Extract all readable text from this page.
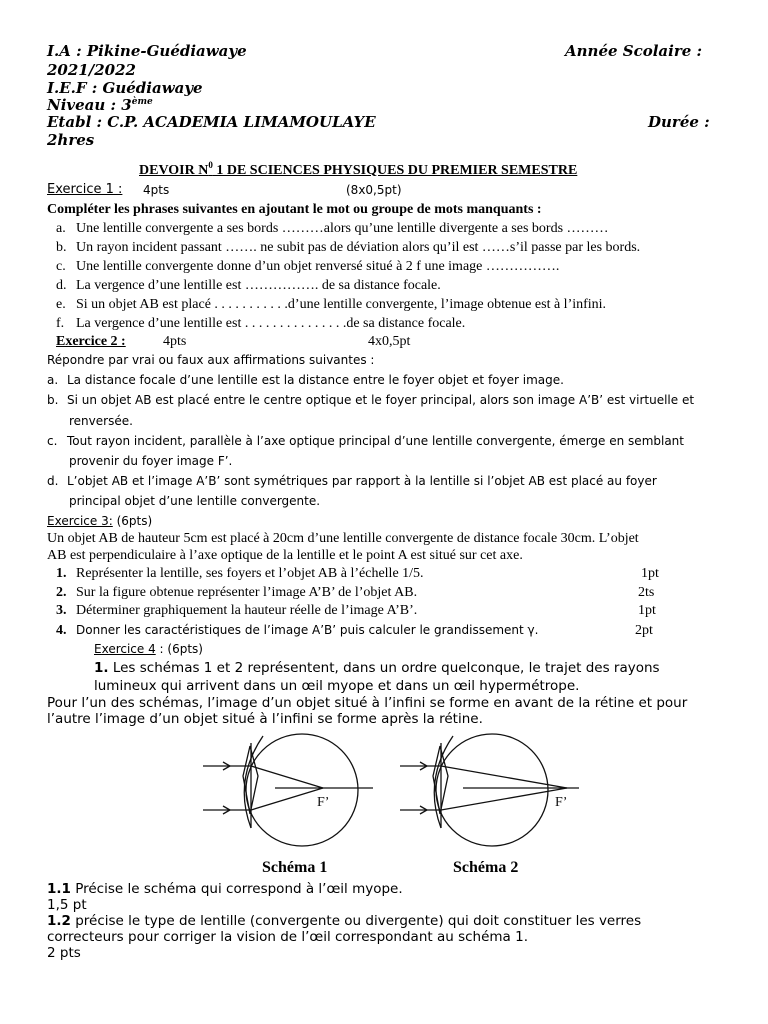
I.A : Pikine-Guédiawaye	Année Scolaire :
2021/2022
I.E.F : Guédiawaye
Niveau : 3ème
Etabl : C.P. ACADEMIA LIMAMOULAYE	Durée :
2hres
DEVOIR $N^0$ 1 DE SCIENCES PHYSIQUES DU PREMIER SEMESTRE
Exercice 1 : 4pts	(8x0,5pt)
Compléter les phrases suivantes en ajoutant le mot ou groupe de mots manquants :
a. Une lentille convergente a ses bords ………alors qu’une lentille divergente a ses bords ………
b. Un rayon incident passant ……. ne subit pas de déviation alors qu’il est ……s’il passe par les bords.
c. Une lentille convergente donne d’un objet renversé situé à 2 f une image …………….
d. La vergence d’une lentille est ……………. de sa distance focale.
e. Si un objet AB est placé . . . . . . . . . . .d’une lentille convergente, l’image obtenue est à l’infini.
f. La vergence d’une lentille est . . . . . . . . . . . . . . .de sa distance focale.
Exercice 2 :	4pts	4x0,5pt
Répondre par vrai ou faux aux affirmations suivantes :
a. La distance focale d’une lentille est la distance entre le foyer objet et foyer image.
b. Si un objet AB est placé entre le centre optique et le foyer principal, alors son image A’B’ est virtuelle et
renversée.
c. Tout rayon incident, parallèle à l’axe optique principal d’une lentille convergente, émerge en semblant
provenir du foyer image F’.
d. L’objet AB et l’image A’B’ sont symétriques par rapport à la lentille si l’objet AB est placé au foyer
principal objet d’une lentille convergente.
Exercice 3: (6pts)
Un objet AB de hauteur 5cm est placé à 20cm d’une lentille convergente de distance focale 30cm. L’objet
AB est perpendiculaire à l’axe optique de la lentille et le point A est situé sur cet axe.
1. Représenter la lentille, ses foyers et l’objet AB à l’échelle 1/5.	1pt
2. Sur la figure obtenue représenter l’image A’B’ de l’objet AB.	2ts
3. Déterminer graphiquement la hauteur réelle de l’image A’B’.	1pt
4. Donner les caractéristiques de l’image A’B’ puis calculer le grandissement γ.	2pt
Exercice 4 : (6pts)
1. Les schémas 1 et 2 représentent, dans un ordre quelconque, le trajet des rayons
lumineux qui arrivent dans un œil myope et dans un œil hypermétrope.
Pour l’un des schémas, l’image d’un objet situé à l’infini se forme en avant de la rétine et pour
l’autre l’image d’un objet situé à l’infini se forme après la rétine.
F’	F’
Schéma 1	Schéma 2
1.1 Précise le schéma qui correspond à l’œil myope.
1,5 pt
1.2 précise le type de lentille (convergente ou divergente) qui doit constituer les verres
correcteurs pour corriger la vision de l’œil correspondant au schéma 1.
2 pts
